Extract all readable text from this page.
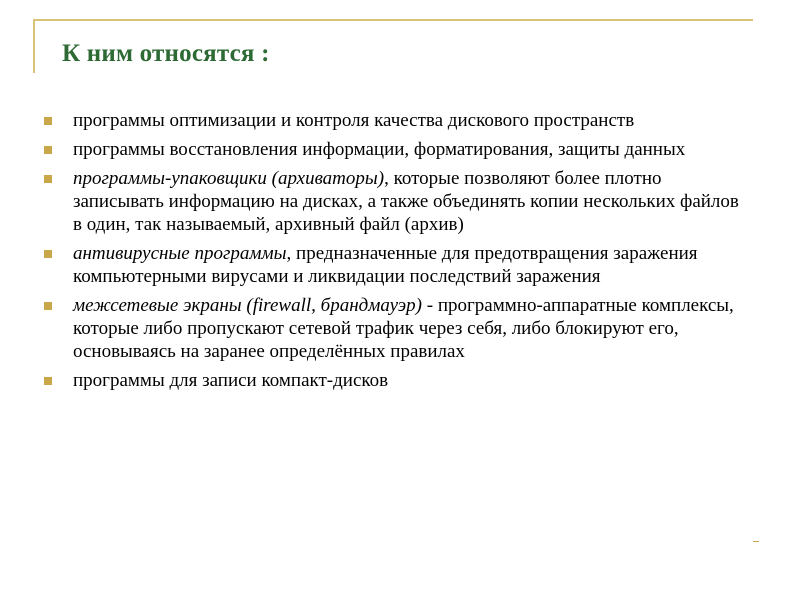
К ним относятся :
программы оптимизации и контроля качества дискового пространств
программы восстановления информации, форматирования, защиты данных
программы-упаковщики (архиваторы), которые позволяют более плотно записывать информацию на дисках, а также объединять копии нескольких файлов в один, так называемый, архивный файл (архив)
антивирусные программы, предназначенные для предотвращения заражения компьютерными вирусами и ликвидации последствий заражения
межсетевые экраны (firewall, брандмауэр) - программно-аппаратные комплексы, которые либо пропускают сетевой трафик через себя, либо блокируют его, основываясь на заранее определённых правилах
программы для записи компакт-дисков
